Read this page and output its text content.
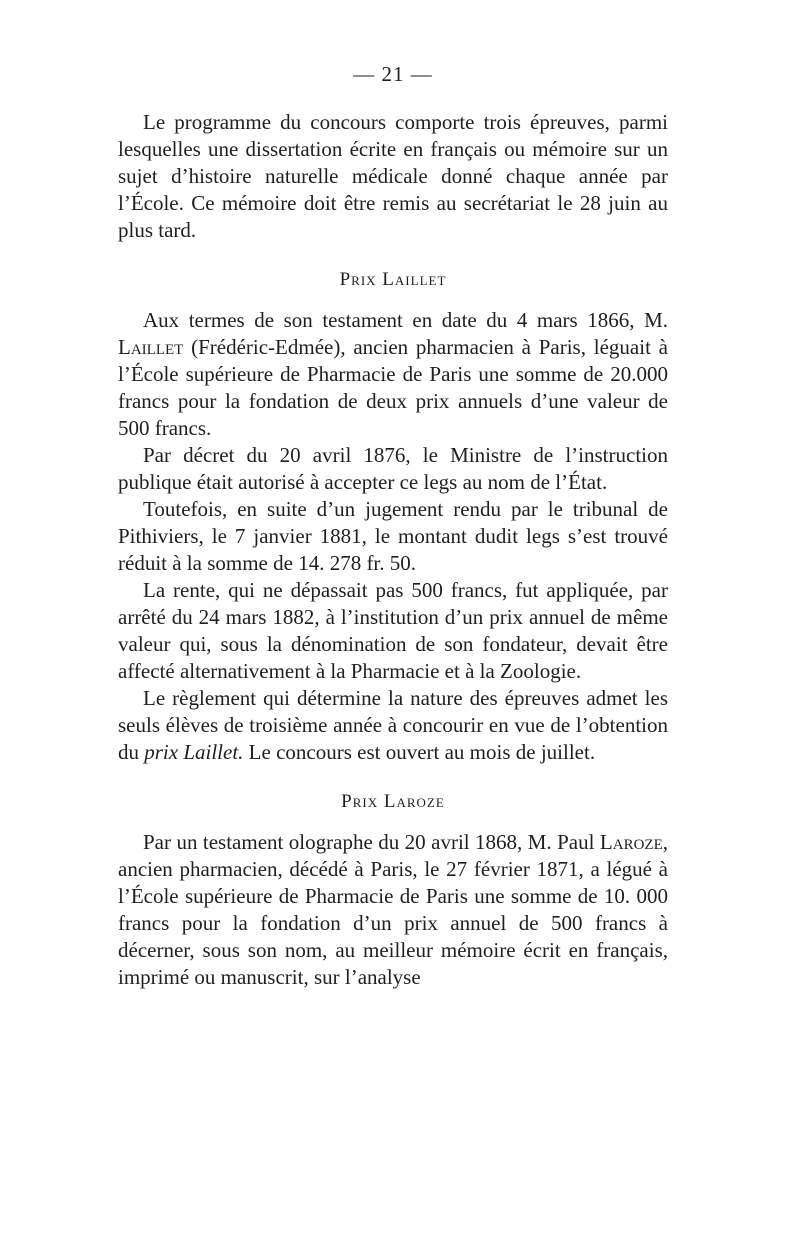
— 21 —

Le programme du concours comporte trois épreuves, parmi lesquelles une dissertation écrite en français ou mémoire sur un sujet d’histoire naturelle médicale donné chaque année par l’École. Ce mémoire doit être remis au secrétariat le 28 juin au plus tard.

Prix Laillet

Aux termes de son testament en date du 4 mars 1866, M. Laillet (Frédéric-Edmée), ancien pharmacien à Paris, léguait à l’École supérieure de Pharmacie de Paris une somme de 20.000 francs pour la fondation de deux prix annuels d’une valeur de 500 francs.

Par décret du 20 avril 1876, le Ministre de l’instruction publique était autorisé à accepter ce legs au nom de l’État.

Toutefois, en suite d’un jugement rendu par le tribunal de Pithiviers, le 7 janvier 1881, le montant dudit legs s’est trouvé réduit à la somme de 14. 278 fr. 50.

La rente, qui ne dépassait pas 500 francs, fut appliquée, par arrêté du 24 mars 1882, à l’institution d’un prix annuel de même valeur qui, sous la dénomination de son fondateur, devait être affecté alternativement à la Pharmacie et à la Zoologie.

Le règlement qui détermine la nature des épreuves admet les seuls élèves de troisième année à concourir en vue de l’obtention du prix Laillet. Le concours est ouvert au mois de juillet.

Prix Laroze

Par un testament olographe du 20 avril 1868, M. Paul Laroze, ancien pharmacien, décédé à Paris, le 27 février 1871, a légué à l’École supérieure de Pharmacie de Paris une somme de 10. 000 francs pour la fondation d’un prix annuel de 500 francs à décerner, sous son nom, au meilleur mémoire écrit en français, imprimé ou manuscrit, sur l’analyse
